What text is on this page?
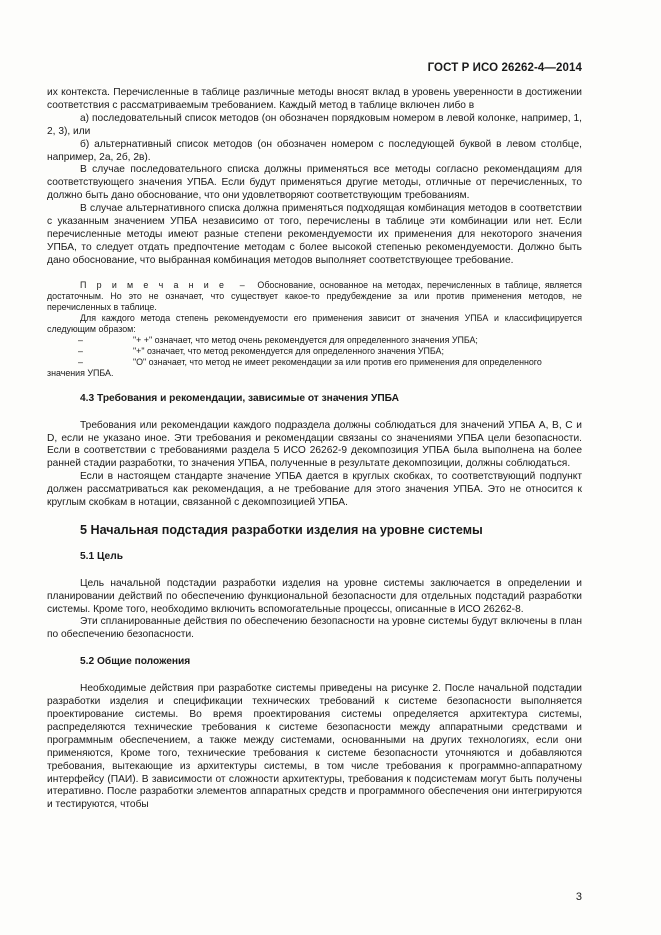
ГОСТ Р ИСО 26262-4—2014

их контекста. Перечисленные в таблице различные методы вносят вклад в уровень уверенности в достижении соответствия с рассматриваемым требованием. Каждый метод в таблице включен либо в

а) последовательный список методов (он обозначен порядковым номером в левой колонке, например, 1, 2, 3), или

б) альтернативный список методов (он обозначен номером с последующей буквой в левом столбце, например, 2а, 2б, 2в).

В случае последовательного списка должны применяться все методы согласно рекомендациям для соответствующего значения УПБА. Если будут применяться другие методы, отличные от перечисленных, то должно быть дано обоснование, что они удовлетворяют соответствующим требованиям.

В случае альтернативного списка должна применяться подходящая комбинация методов в соответствии с указанным значением УПБА независимо от того, перечислены в таблице эти комбинации или нет. Если перечисленные методы имеют разные степени рекомендуемости их применения для некоторого значения УПБА, то следует отдать предпочтение методам с более высокой степенью рекомендуемости. Должно быть дано обоснование, что выбранная комбинация методов выполняет соответствующее требование.

П р и м е ч а н и е – Обоснование, основанное на методах, перечисленных в таблице, является достаточным. Но это не означает, что существует какое-то предубеждение за или против применения методов, не перечисленных в таблице.

Для каждого метода степень рекомендуемости его применения зависит от значения УПБА и классифицируется следующим образом:

–	"+ +" означает, что метод очень рекомендуется для определенного значения УПБА;
–	"+" означает, что метод рекомендуется для определенного значения УПБА;
–	"О" означает, что метод не имеет рекомендации за или против его применения для определенного значения УПБА.
4.3 Требования и рекомендации, зависимые от значения УПБА

Требования или рекомендации каждого подраздела должны соблюдаться для значений УПБА А, В, С и D, если не указано иное. Эти требования и рекомендации связаны со значениями УПБА цели безопасности. Если в соответствии с требованиями раздела 5 ИСО 26262-9 декомпозиция УПБА была выполнена на более ранней стадии разработки, то значения УПБА, полученные в результате декомпозиции, должны соблюдаться.

Если в настоящем стандарте значение УПБА дается в круглых скобках, то соответствующий подпункт должен рассматриваться как рекомендация, а не требование для этого значения УПБА. Это не относится к круглым скобкам в нотации, связанной с декомпозицией УПБА.

5 Начальная подстадия разработки изделия на уровне системы
5.1 Цель

Цель начальной подстадии разработки изделия на уровне системы заключается в определении и планировании действий по обеспечению функциональной безопасности для отдельных подстадий разработки системы. Кроме того, необходимо включить вспомогательные процессы, описанные в ИСО 26262-8.

Эти спланированные действия по обеспечению безопасности на уровне системы будут включены в план по обеспечению безопасности.

5.2 Общие положения

Необходимые действия при разработке системы приведены на рисунке 2. После начальной подстадии разработки изделия и спецификации технических требований к системе безопасности выполняется проектирование системы. Во время проектирования системы определяется архитектура системы, распределяются технические требования к системе безопасности между аппаратными средствами и программным обеспечением, а также между системами, основанными на других технологиях, если они применяются, Кроме того, технические требования к системе безопасности уточняются и добавляются требования, вытекающие из архитектуры системы, в том числе требования к программно-аппаратному интерфейсу (ПАИ). В зависимости от сложности архитектуры, требования к подсистемам могут быть получены итеративно. После разработки элементов аппаратных средств и программного обеспечения они интегрируются и тестируются, чтобы

3
